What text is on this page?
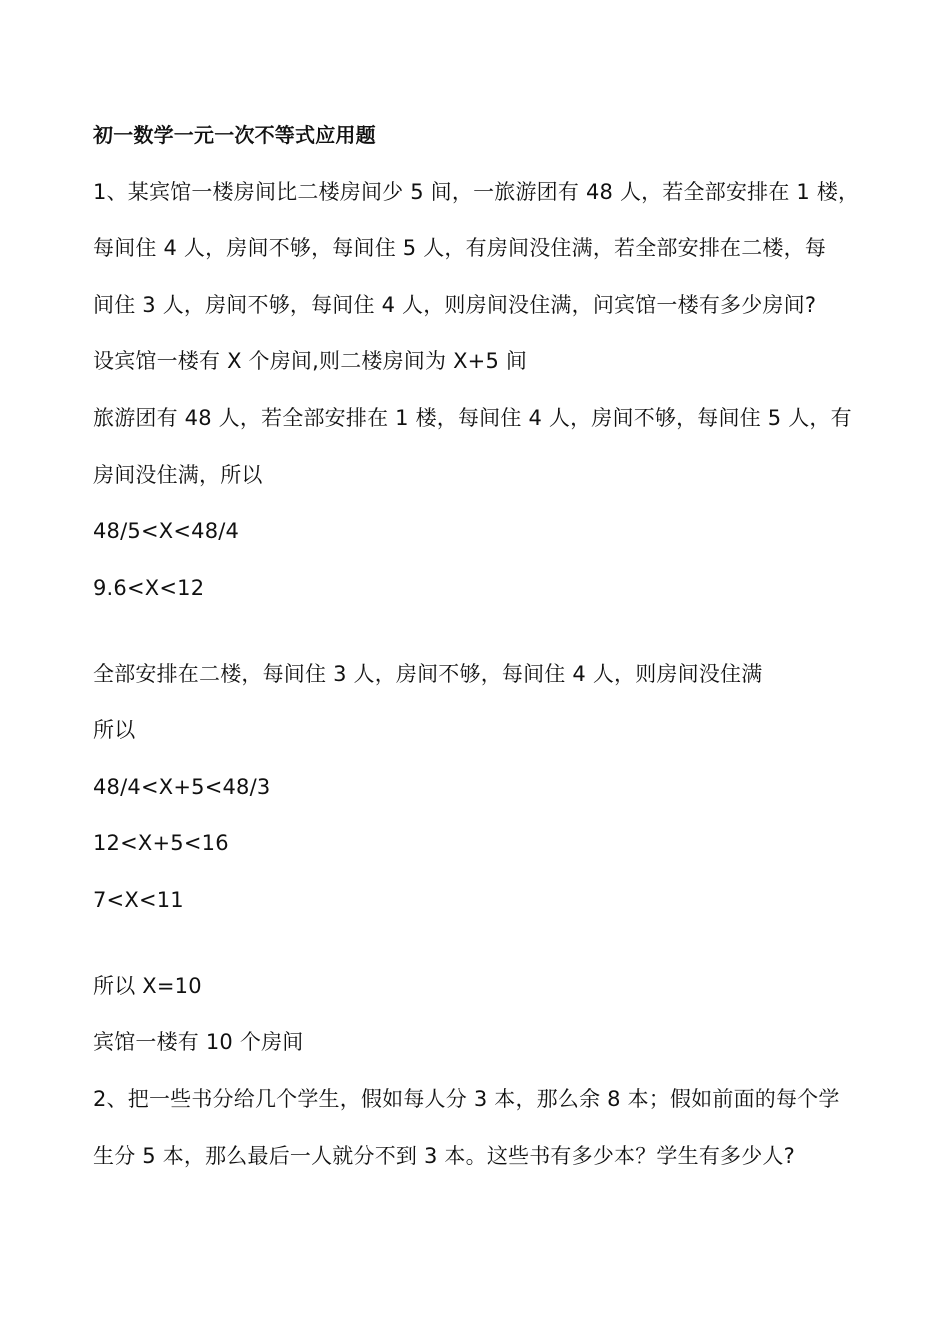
初一数学一元一次不等式应用题
1、某宾馆一楼房间比二楼房间少 5 间，一旅游团有 48 人，若全部安排在 1 楼，
每间住 4 人，房间不够，每间住 5 人，有房间没住满，若全部安排在二楼，每
间住 3 人，房间不够，每间住 4 人，则房间没住满，问宾馆一楼有多少房间?
设宾馆一楼有 X 个房间,则二楼房间为 X+5 间
旅游团有 48 人，若全部安排在 1 楼，每间住 4 人，房间不够，每间住 5 人，有
房间没住满，所以
48/5<X<48/4
9.6<X<12
全部安排在二楼，每间住 3 人，房间不够，每间住 4 人，则房间没住满
所以
48/4<X+5<48/3
12<X+5<16
7<X<11
所以 X=10
宾馆一楼有 10 个房间
2、把一些书分给几个学生，假如每人分 3 本，那么余 8 本；假如前面的每个学
生分 5 本，那么最后一人就分不到 3 本。这些书有多少本？学生有多少人?
